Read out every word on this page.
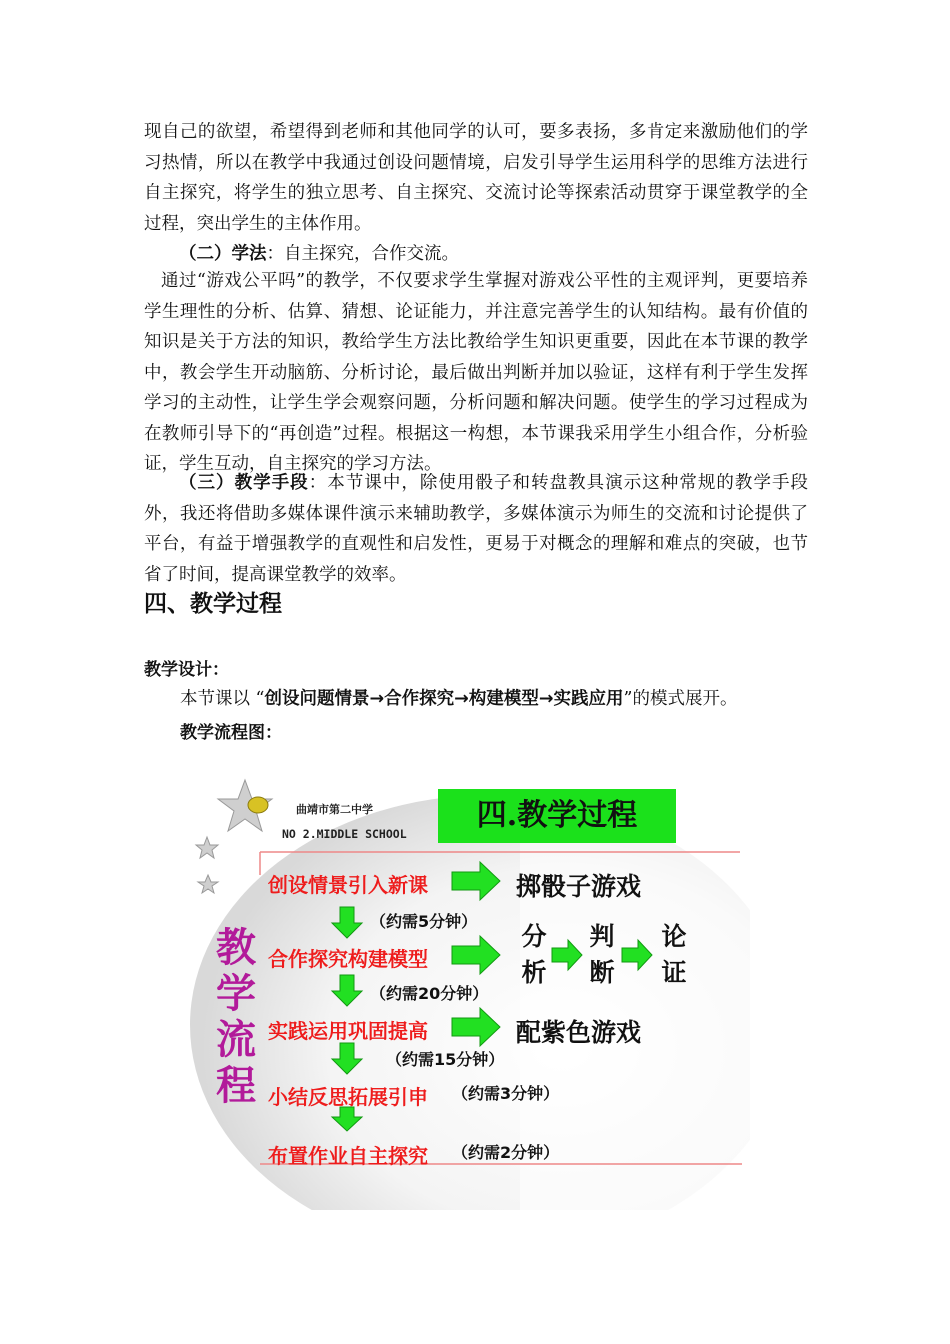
现自己的欲望，希望得到老师和其他同学的认可，要多表扬，多肯定来激励他们的学习热情，所以在教学中我通过创设问题情境，启发引导学生运用科学的思维方法进行自主探究，将学生的独立思考、自主探究、交流讨论等探索活动贯穿于课堂教学的全过程，突出学生的主体作用。

（二）学法：自主探究，合作交流。

通过“游戏公平吗”的教学，不仅要求学生掌握对游戏公平性的主观评判，更要培养学生理性的分析、估算、猜想、论证能力，并注意完善学生的认知结构。最有价值的知识是关于方法的知识，教给学生方法比教给学生知识更重要，因此在本节课的教学中，教会学生开动脑筋、分析讨论，最后做出判断并加以验证，这样有利于学生发挥学习的主动性，让学生学会观察问题，分析问题和解决问题。使学生的学习过程成为在教师引导下的“再创造”过程。根据这一构想，本节课我采用学生小组合作，分析验证，学生互动，自主探究的学习方法。

（三）教学手段：本节课中，除使用骰子和转盘教具演示这种常规的教学手段外，我还将借助多媒体课件演示来辅助教学，多媒体演示为师生的交流和讨论提供了平台，有益于增强教学的直观性和启发性，更易于对概念的理解和难点的突破，也节省了时间，提高课堂教学的效率。

四、教学过程

教学设计：

本节课以 “创设问题情景→合作探究→构建模型→实践应用”的模式展开。

教学流程图：

曲靖市第二中学
NO 2.MIDDLE SCHOOL
四.教学过程
教学流程
创设情景引入新课
合作探究构建模型
实践运用巩固提高
小结反思拓展引申
布置作业自主探究
（约需5分钟）
（约需20分钟）
（约需15分钟）
（约需3分钟）
（约需2分钟）
掷骰子游戏
分析
判断
论证
配紫色游戏
